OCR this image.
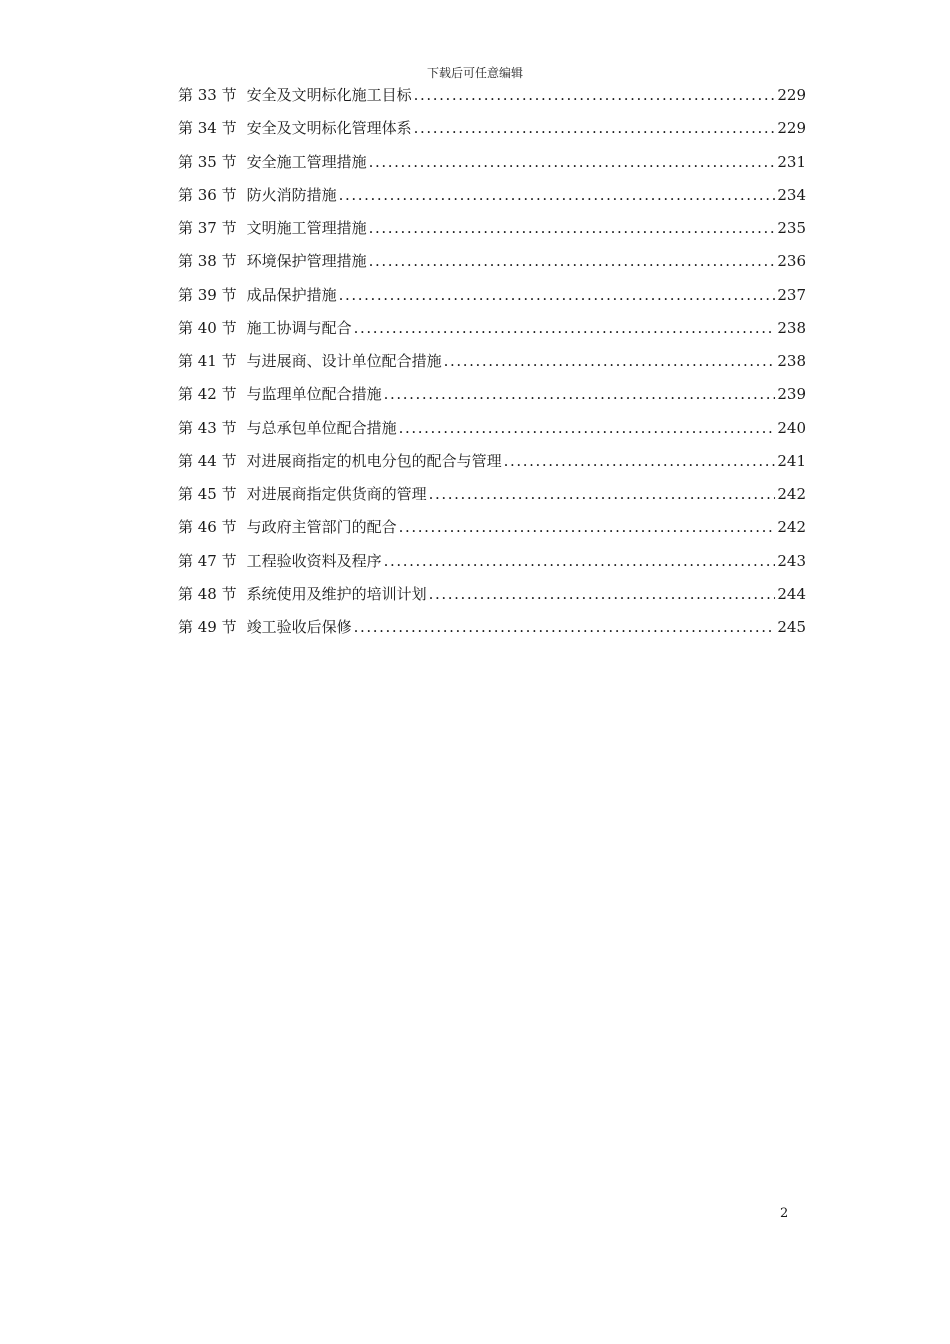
下载后可任意编辑
第 33 节 安全及文明标化施工目标 .....	229
第 34 节 安全及文明标化管理体系 .....	229
第 35 节 安全施工管理措施 .....	231
第 36 节 防火消防措施 .....	234
第 37 节 文明施工管理措施 .....	235
第 38 节 环境保护管理措施 .....	236
第 39 节 成品保护措施 .....	237
第 40 节 施工协调与配合 .....	238
第 41 节 与进展商、设计单位配合措施 .....	238
第 42 节 与监理单位配合措施 .....	239
第 43 节 与总承包单位配合措施 .....	240
第 44 节 对进展商指定的机电分包的配合与管理 .....	241
第 45 节 对进展商指定供货商的管理 .....	242
第 46 节 与政府主管部门的配合 .....	242
第 47 节 工程验收资料及程序 .....	243
第 48 节 系统使用及维护的培训计划 .....	244
第 49 节 竣工验收后保修 .....	245
2
